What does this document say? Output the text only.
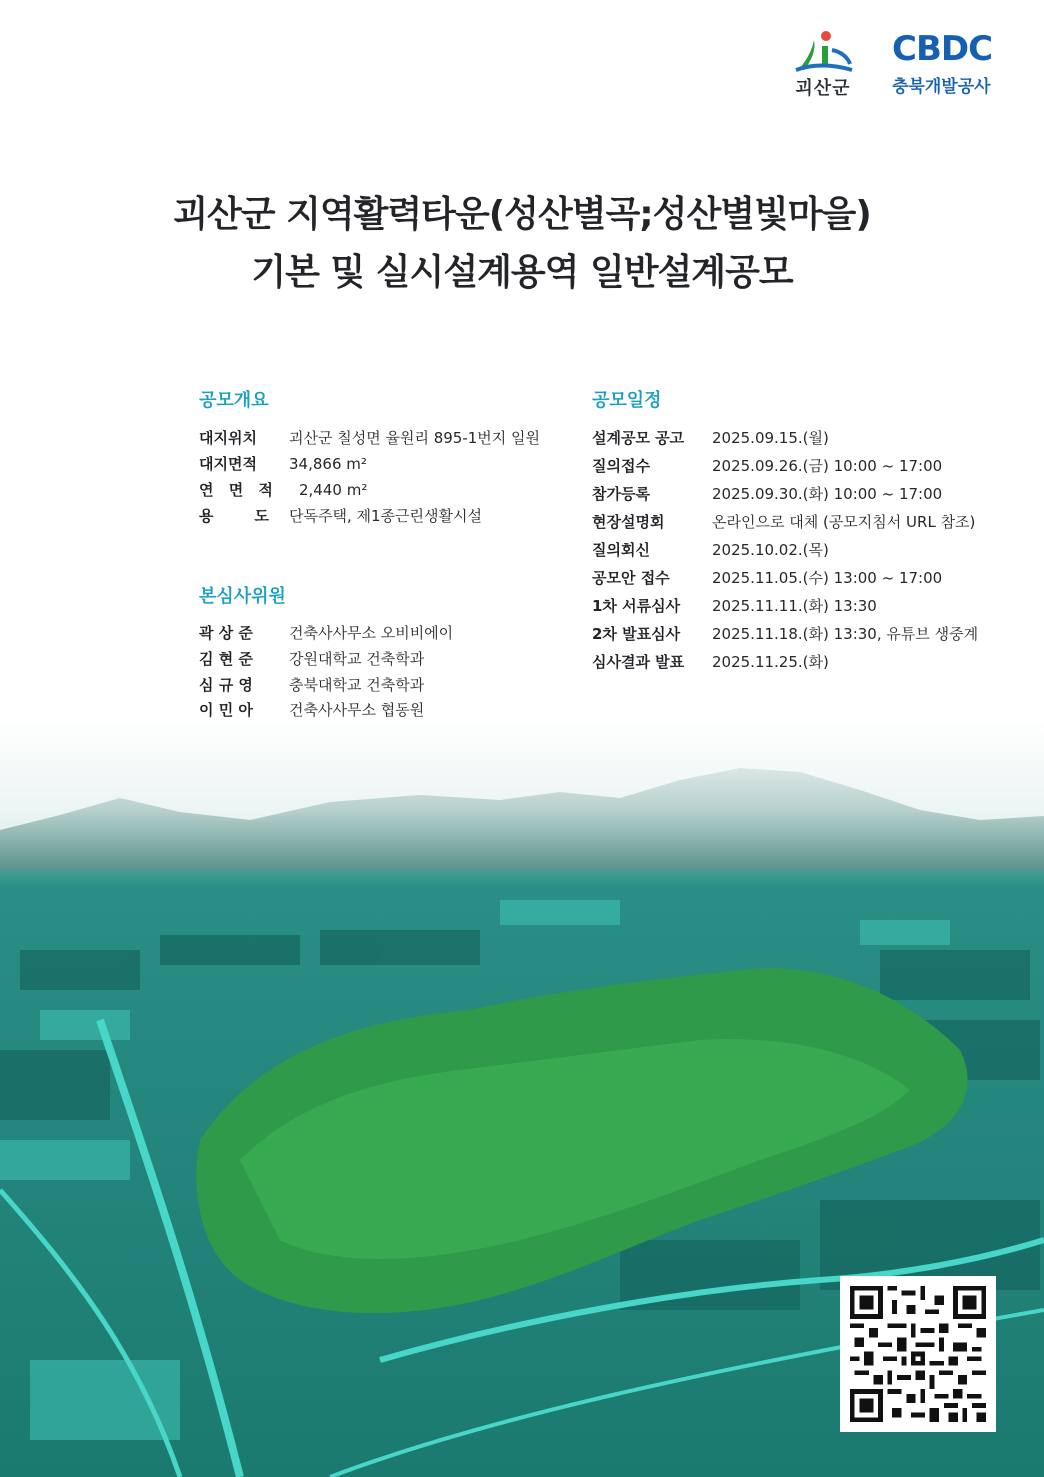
괴산군
CBDC
충북개발공사
괴산군 지역활력타운(성산별곡;성산별빛마을)
기본 및 실시설계용역 일반설계공모
공모개요
대지위치 괴산군 칠성면 율원리 895-1번지 일원
대지면적 34,866 m²
연 면 적 2,440 m²
용    도 단독주택, 제1종근린생활시설
본심사위원
곽 상 준 건축사사무소 오비비에이
김 현 준 강원대학교 건축학과
심 규 영 충북대학교 건축학과
이 민 아 건축사사무소 협동원
공모일정
설계공모 공고 2025.09.15.(월)
질의접수	2025.09.26.(금) 10:00 ~ 17:00
참가등록	2025.09.30.(화) 10:00 ~ 17:00
현장설명회	온라인으로 대체 (공모지침서 URL 참조)
질의회신	2025.10.02.(목)
공모안 접수	2025.11.05.(수) 13:00 ~ 17:00
1차 서류심사 2025.11.11.(화) 13:30
2차 발표심사 2025.11.18.(화) 13:30, 유튜브 생중계
심사결과 발표 2025.11.25.(화)
